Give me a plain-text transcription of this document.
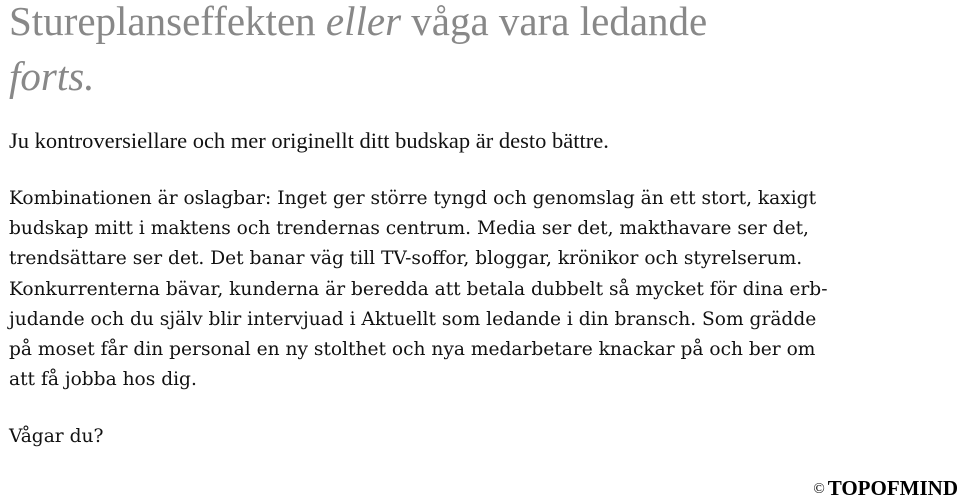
Stureplanseffekten eller våga vara ledande
forts.

Ju kontroversiellare och mer originellt ditt budskap är desto bättre.

Kombinationen är oslagbar: Inget ger större tyngd och genomslag än ett stort, kaxigt
budskap mitt i maktens och trendernas centrum. Media ser det, makthavare ser det,
trendsättare ser det. Det banar väg till TV-soffor, bloggar, krönikor och styrelserum.
Konkurrenterna bävar, kunderna är beredda att betala dubbelt så mycket för dina erb-
judande och du själv blir intervjuad i Aktuellt som ledande i din bransch. Som grädde
på moset får din personal en ny stolthet och nya medarbetare knackar på och ber om
att få jobba hos dig.

Vågar du?

© TOPOFMIND
